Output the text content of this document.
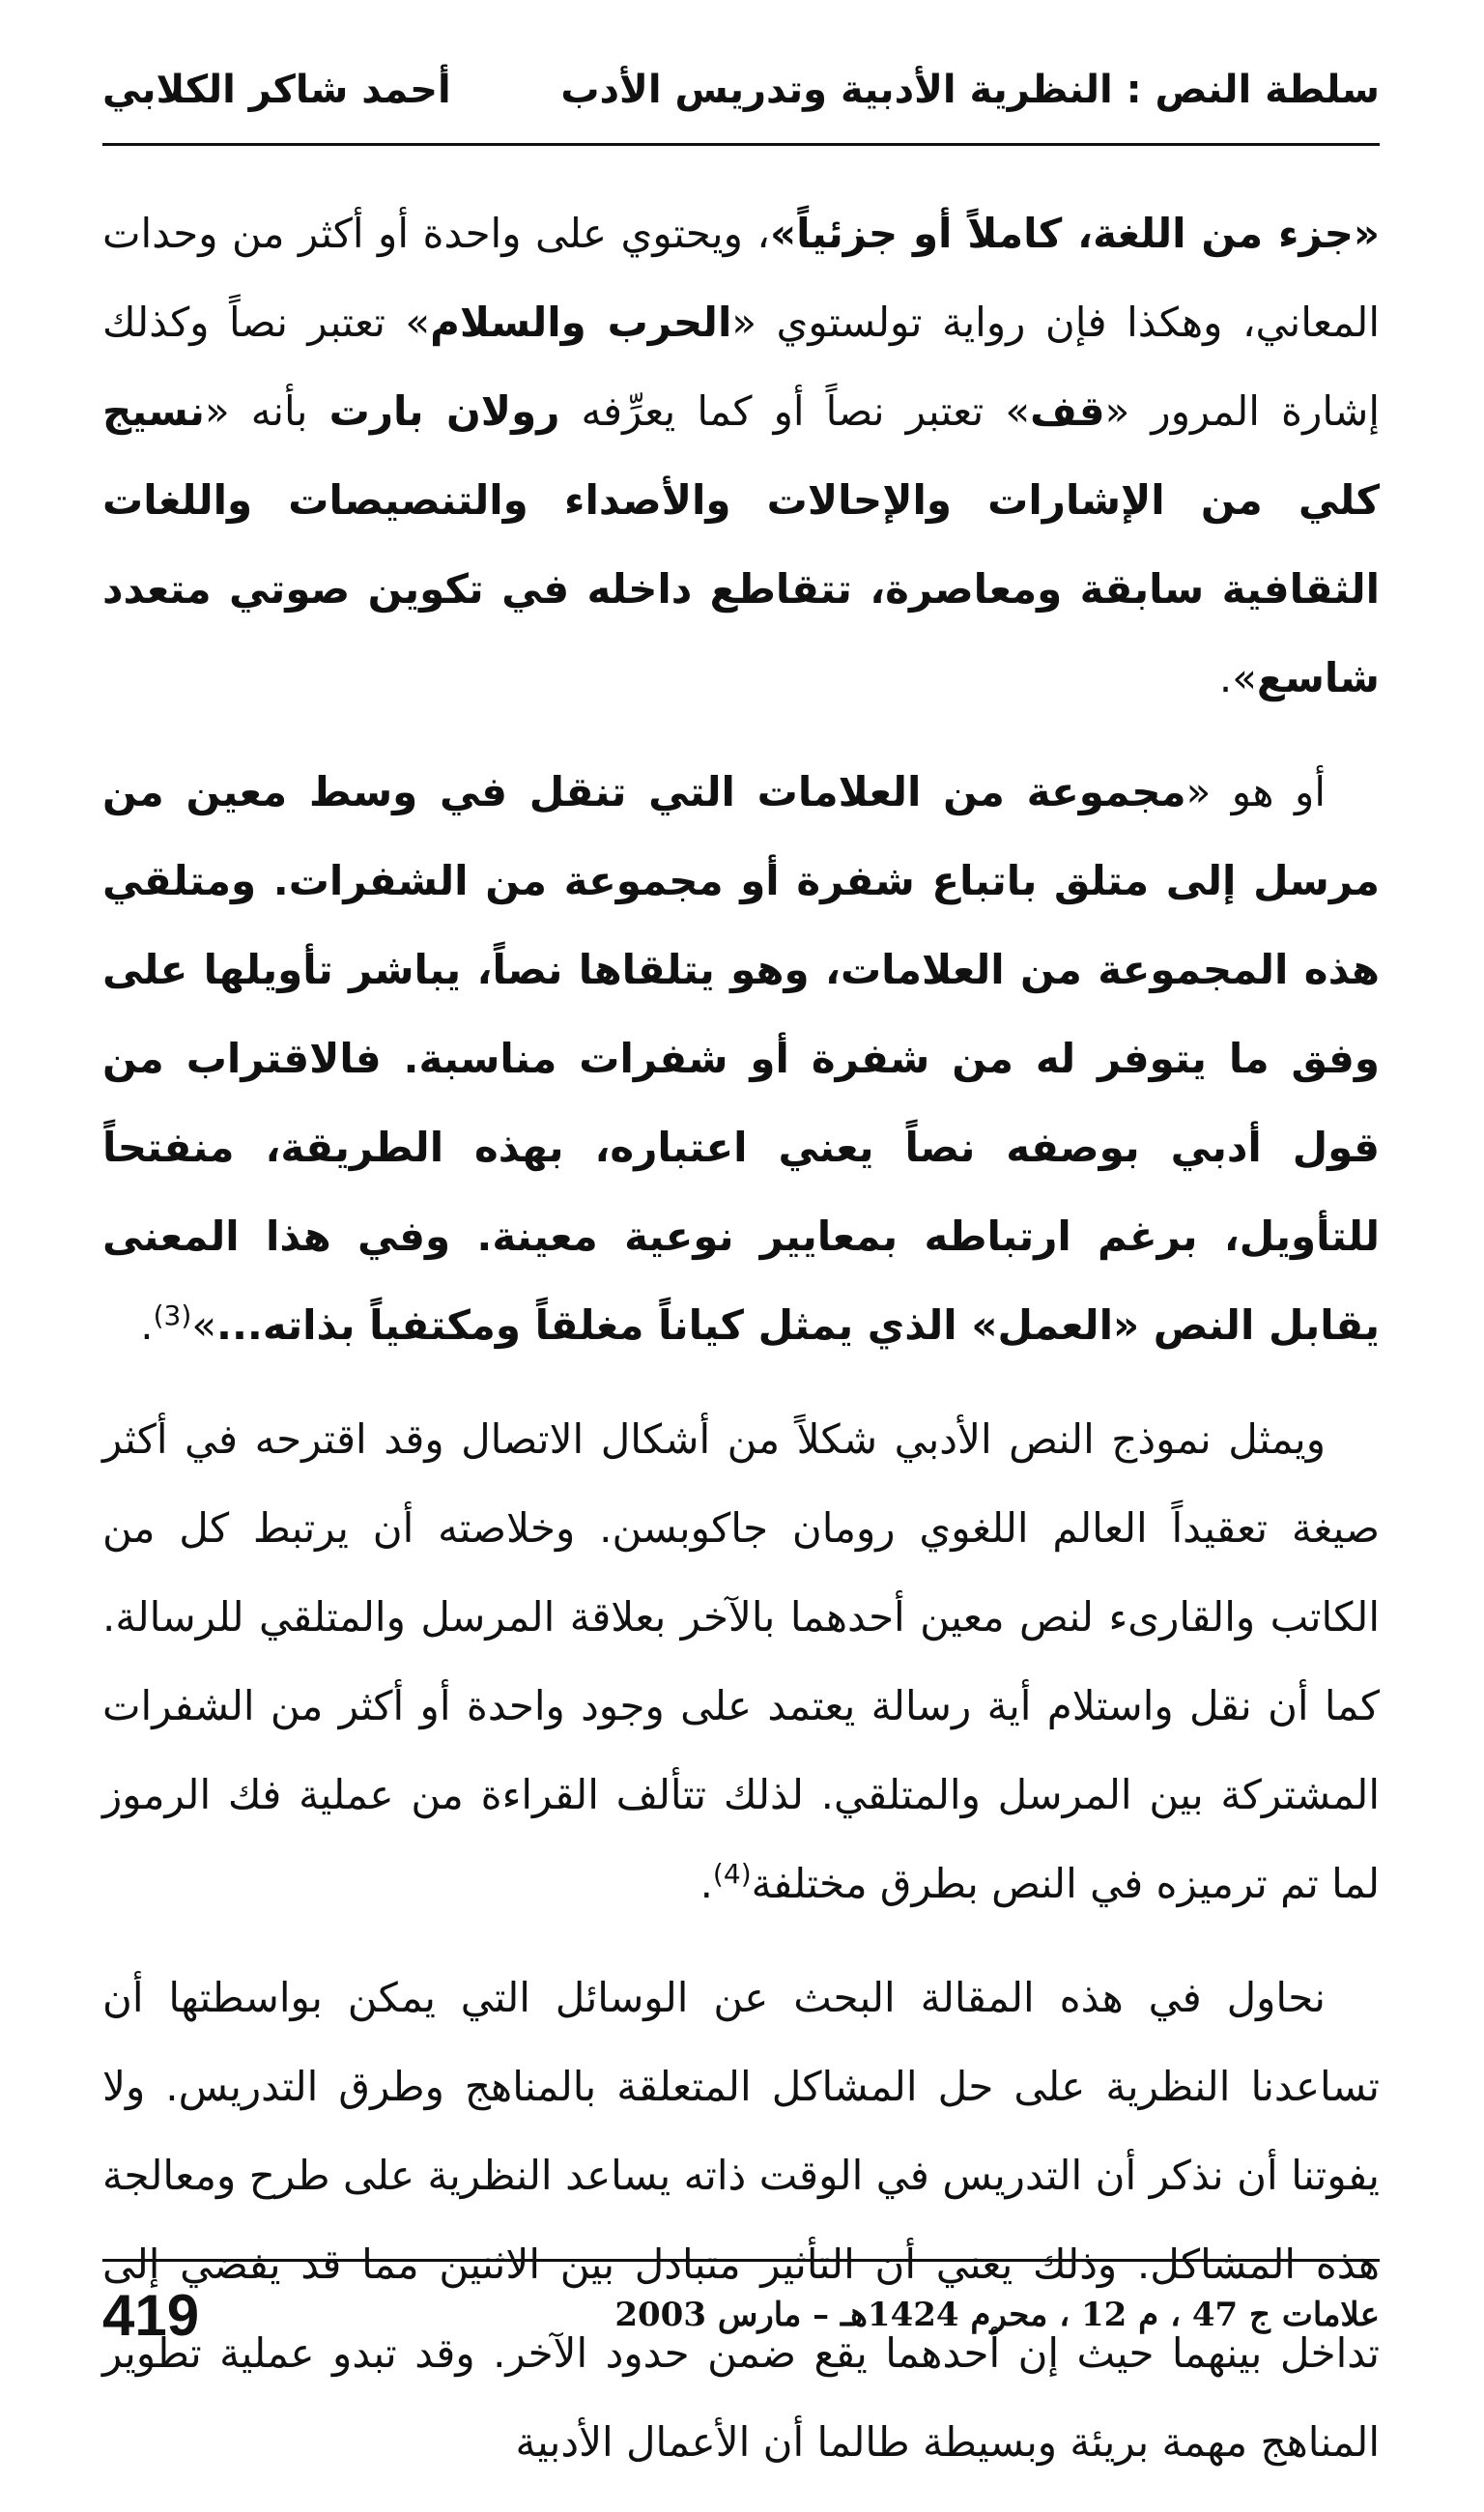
سلطة النص : النظرية الأدبية وتدريس الأدب
أحمد شاكر الكلابي

«جزء من اللغة، كاملاً أو جزئياً»، ويحتوي على واحدة أو أكثر من وحدات المعاني، وهكذا فإن رواية تولستوي «الحرب والسلام» تعتبر نصاً وكذلك إشارة المرور «قف» تعتبر نصاً أو كما يعرِّفه رولان بارت بأنه «نسيج كلي من الإشارات والإحالات والأصداء والتنصيصات واللغات الثقافية سابقة ومعاصرة، تتقاطع داخله في تكوين صوتي متعدد شاسع».

أو هو «مجموعة من العلامات التي تنقل في وسط معين من مرسل إلى متلق باتباع شفرة أو مجموعة من الشفرات. ومتلقي هذه المجموعة من العلامات، وهو يتلقاها نصاً، يباشر تأويلها على وفق ما يتوفر له من شفرة أو شفرات مناسبة. فالاقتراب من قول أدبي بوصفه نصاً يعني اعتباره، بهذه الطريقة، منفتحاً للتأويل، برغم ارتباطه بمعايير نوعية معينة. وفي هذا المعنى يقابل النص «العمل» الذي يمثل كياناً مغلقاً ومكتفياً بذاته...»$^{(3)}$.

ويمثل نموذج النص الأدبي شكلاً من أشكال الاتصال وقد اقترحه في أكثر صيغة تعقيداً العالم اللغوي رومان جاكوبسن. وخلاصته أن يرتبط كل من الكاتب والقارىء لنص معين أحدهما بالآخر بعلاقة المرسل والمتلقي للرسالة. كما أن نقل واستلام أية رسالة يعتمد على وجود واحدة أو أكثر من الشفرات المشتركة بين المرسل والمتلقي. لذلك تتألف القراءة من عملية فك الرموز لما تم ترميزه في النص بطرق مختلفة$^{(4)}$.

نحاول في هذه المقالة البحث عن الوسائل التي يمكن بواسطتها أن تساعدنا النظرية على حل المشاكل المتعلقة بالمناهج وطرق التدريس. ولا يفوتنا أن نذكر أن التدريس في الوقت ذاته يساعد النظرية على طرح ومعالجة هذه المشاكل. وذلك يعني أن التأثير متبادل بين الاثنين مما قد يفضي إلى تداخل بينهما حيث إن أحدهما يقع ضمن حدود الآخر. وقد تبدو عملية تطوير المناهج مهمة بريئة وبسيطة طالما أن الأعمال الأدبية

علامات ج 47 ، م 12 ، محرم 1424هـ – مارس 2003
419
